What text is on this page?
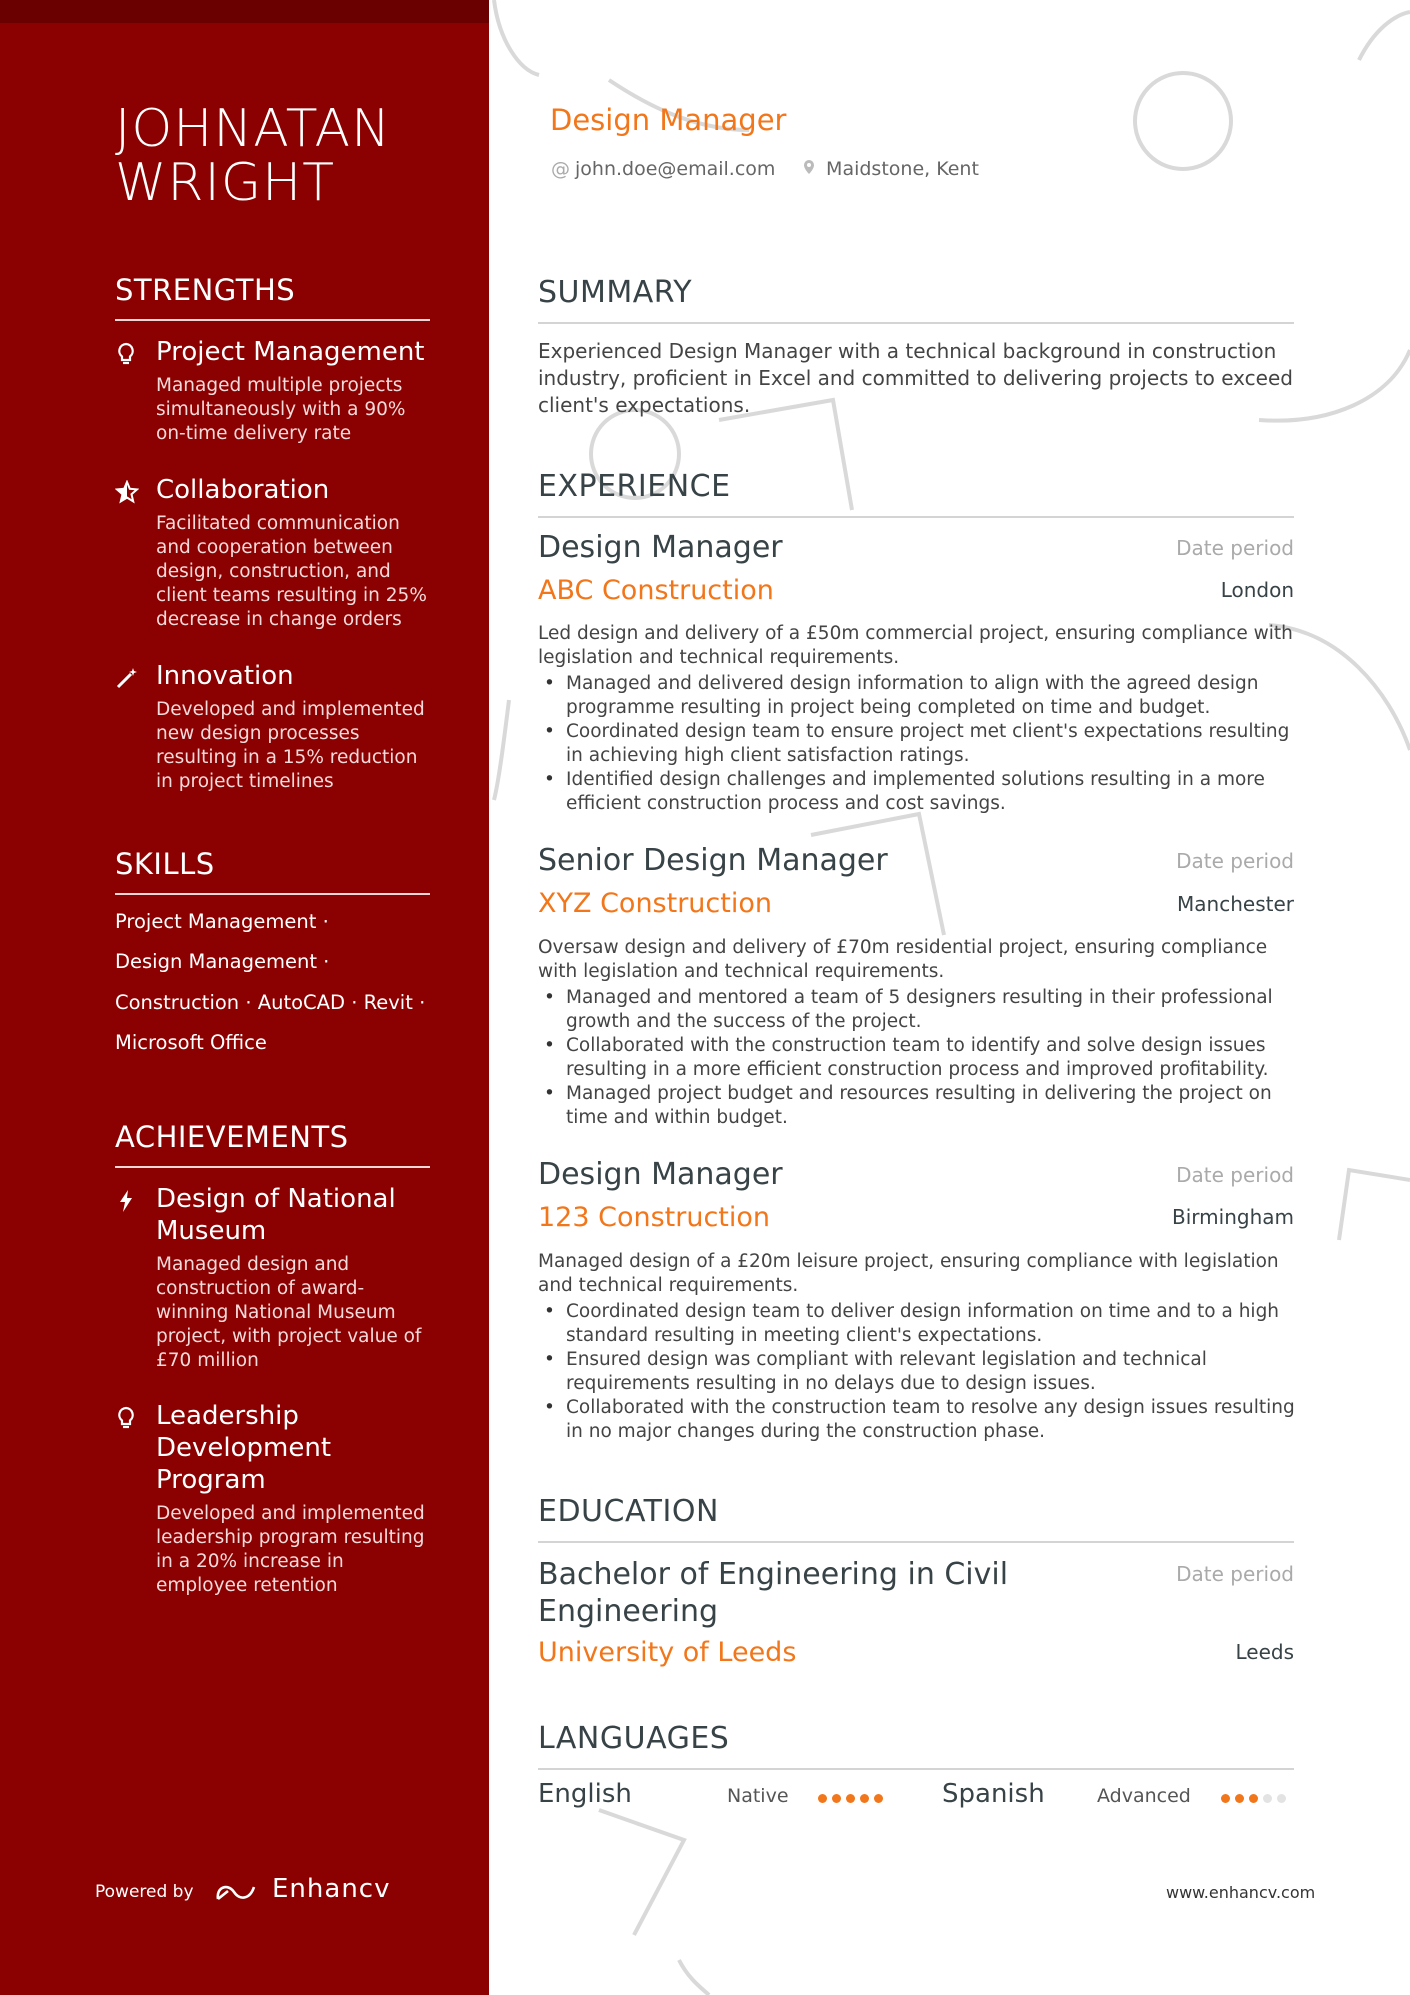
JOHNATAN WRIGHT
STRENGTHS
Project Management
Managed multiple projects simultaneously with a 90% on-time delivery rate
Collaboration
Facilitated communication and cooperation between design, construction, and client teams resulting in 25% decrease in change orders
Innovation
Developed and implemented new design processes resulting in a 15% reduction in project timelines
SKILLS
Project Management ·
Design Management ·
Construction · AutoCAD · Revit ·
Microsoft Office
ACHIEVEMENTS
Design of National Museum
Managed design and construction of award-winning National Museum project, with project value of £70 million
Leadership Development Program
Developed and implemented leadership program resulting in a 20% increase in employee retention
Powered by	Enhancv
Design Manager
@ john.doe@email.com	Maidstone, Kent
SUMMARY
Experienced Design Manager with a technical background in construction industry, proficient in Excel and committed to delivering projects to exceed client's expectations.
EXPERIENCE
Design Manager	Date period
ABC Construction	London
Led design and delivery of a £50m commercial project, ensuring compliance with legislation and technical requirements.
• Managed and delivered design information to align with the agreed design programme resulting in project being completed on time and budget.
• Coordinated design team to ensure project met client's expectations resulting in achieving high client satisfaction ratings.
• Identified design challenges and implemented solutions resulting in a more efficient construction process and cost savings.
Senior Design Manager	Date period
XYZ Construction	Manchester
Oversaw design and delivery of £70m residential project, ensuring compliance with legislation and technical requirements.
• Managed and mentored a team of 5 designers resulting in their professional growth and the success of the project.
• Collaborated with the construction team to identify and solve design issues resulting in a more efficient construction process and improved profitability.
• Managed project budget and resources resulting in delivering the project on time and within budget.
Design Manager	Date period
123 Construction	Birmingham
Managed design of a £20m leisure project, ensuring compliance with legislation and technical requirements.
• Coordinated design team to deliver design information on time and to a high standard resulting in meeting client's expectations.
• Ensured design was compliant with relevant legislation and technical requirements resulting in no delays due to design issues.
• Collaborated with the construction team to resolve any design issues resulting in no major changes during the construction phase.
EDUCATION
Bachelor of Engineering in Civil Engineering
Date period
University of Leeds	Leeds
LANGUAGES
English	Native	Spanish	Advanced
www.enhancv.com
